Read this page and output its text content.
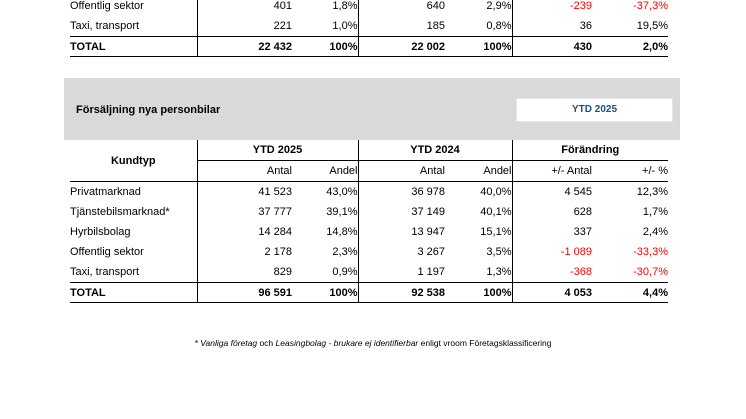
Offentlig sektor	401	1,8%	640	2,9%	-239	-37,3%
Taxi, transport	221	1,0%	185	0,8%	36	19,5%
TOTAL	22 432	100%	22 002	100%	430	2,0%
Försäljning nya personbilar	YTD 2025
Kundtyp	YTD 2025		YTD 2024		Förändring	
	Antal	Andel	Antal	Andel	+/- Antal	+/- %
Privatmarknad	41 523	43,0%	36 978	40,0%	4 545	12,3%
Tjänstebilsmarknad*	37 777	39,1%	37 149	40,1%	628	1,7%
Hyrbilsbolag	14 284	14,8%	13 947	15,1%	337	2,4%
Offentlig sektor	2 178	2,3%	3 267	3,5%	-1 089	-33,3%
Taxi, transport	829	0,9%	1 197	1,3%	-368	-30,7%
TOTAL	96 591	100%	92 538	100%	4 053	4,4%
* Vanliga företag och Leasingbolag - brukare ej identifierbar enligt vroom Företagsklassificering
